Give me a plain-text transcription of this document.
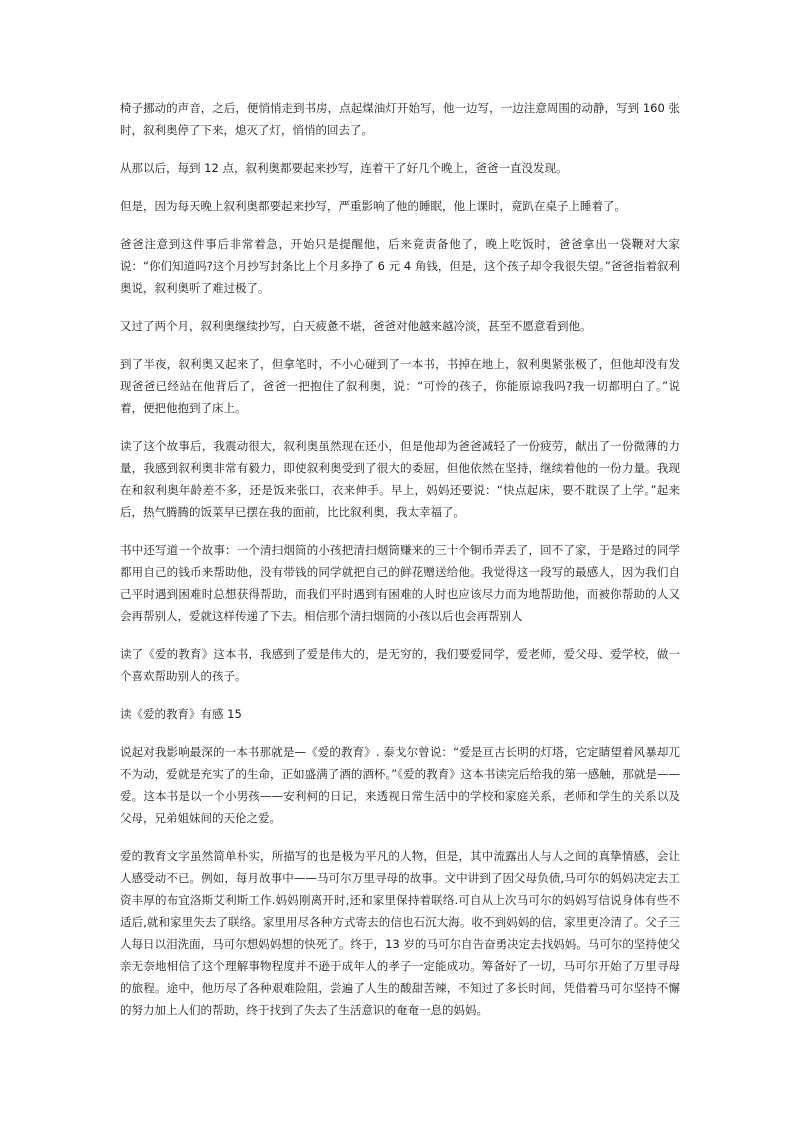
椅子挪动的声音，之后，便悄悄走到书房，点起煤油灯开始写，他一边写，一边注意周围的动静，写到 160 张时，叙利奥停了下来，熄灭了灯，悄悄的回去了。

从那以后，每到 12 点，叙利奥都要起来抄写，连着干了好几个晚上，爸爸一直没发现。

但是，因为每天晚上叙利奥都要起来抄写，严重影响了他的睡眠，他上课时，竟趴在桌子上睡着了。

爸爸注意到这件事后非常着急，开始只是提醒他，后来竟责备他了，晚上吃饭时，爸爸拿出一袋鞭对大家说：“你们知道吗?这个月抄写封条比上个月多挣了 6 元 4 角钱，但是，这个孩子却令我很失望。”爸爸指着叙利奥说，叙利奥听了难过极了。

又过了两个月，叙利奥继续抄写，白天疲惫不堪，爸爸对他越来越冷淡，甚至不愿意看到他。

到了半夜，叙利奥又起来了，但拿笔时，不小心碰到了一本书，书掉在地上，叙利奥紧张极了，但他却没有发现爸爸已经站在他背后了，爸爸一把抱住了叙利奥，说：“可怜的孩子，你能原谅我吗?我一切都明白了。”说着，便把他抱到了床上。

读了这个故事后，我震动很大，叙利奥虽然现在还小，但是他却为爸爸减轻了一份疲劳，献出了一份微薄的力量，我感到叙利奥非常有毅力，即使叙利奥受到了很大的委屈，但他依然在坚持，继续着他的一份力量。我现在和叙利奥年龄差不多，还是饭来张口，衣来伸手。早上，妈妈还要说：“快点起床，要不耽误了上学。”起来后，热气腾腾的饭菜早已摆在我的面前，比比叙利奥，我太幸福了。

书中还写道一个故事：一个清扫烟筒的小孩把清扫烟筒赚来的三十个铜币弄丢了，回不了家，于是路过的同学都用自己的钱币来帮助他，没有带钱的同学就把自己的鲜花赠送给他。我觉得这一段写的最感人，因为我们自己平时遇到困难时总想获得帮助，而我们平时遇到有困难的人时也应该尽力而为地帮助他，而被你帮助的人又会再帮别人，爱就这样传递了下去。相信那个清扫烟筒的小孩以后也会再帮别人

读了《爱的教育》这本书，我感到了爱是伟大的，是无穷的，我们要爱同学，爱老师，爱父母、爱学校，做一个喜欢帮助别人的孩子。

读《爱的教育》有感 15

说起对我影响最深的一本书那就是—《爱的教育》. 泰戈尔曾说：“爱是亘古长明的灯塔，它定睛望着风暴却兀不为动，爱就是充实了的生命，正如盛满了酒的酒杯。”《爱的教育》这本书读完后给我的第一感触，那就是——爱。这本书是以一个小男孩——安利柯的日记，来透视日常生活中的学校和家庭关系，老师和学生的关系以及父母，兄弟姐妹间的天伦之爱。

爱的教育文字虽然简单朴实，所描写的也是极为平凡的人物，但是，其中流露出人与人之间的真挚情感，会让人感受动不已。例如，每月故事中——马可尔万里寻母的故事。文中讲到了因父母负债,马可尔的妈妈决定去工资丰厚的布宜洛斯艾利斯工作.妈妈刚离开时,还和家里保持着联络.可自从上次马可尔的妈妈写信说身体有些不适后,就和家里失去了联络。家里用尽各种方式寄去的信也石沉大海。收不到妈妈的信，家里更冷清了。父子三人每日以泪洗面，马可尔想妈妈想的快死了。终于，13 岁的马可尔自告奋勇决定去找妈妈。马可尔的坚持使父亲无奈地相信了这个理解事物程度并不逊于成年人的孝子一定能成功。筹备好了一切，马可尔开始了万里寻母的旅程。途中，他历尽了各种艰难险阻，尝遍了人生的酸甜苦辣，不知过了多长时间，凭借着马可尔坚持不懈的努力加上人们的帮助，终于找到了失去了生活意识的奄奄一息的妈妈。
